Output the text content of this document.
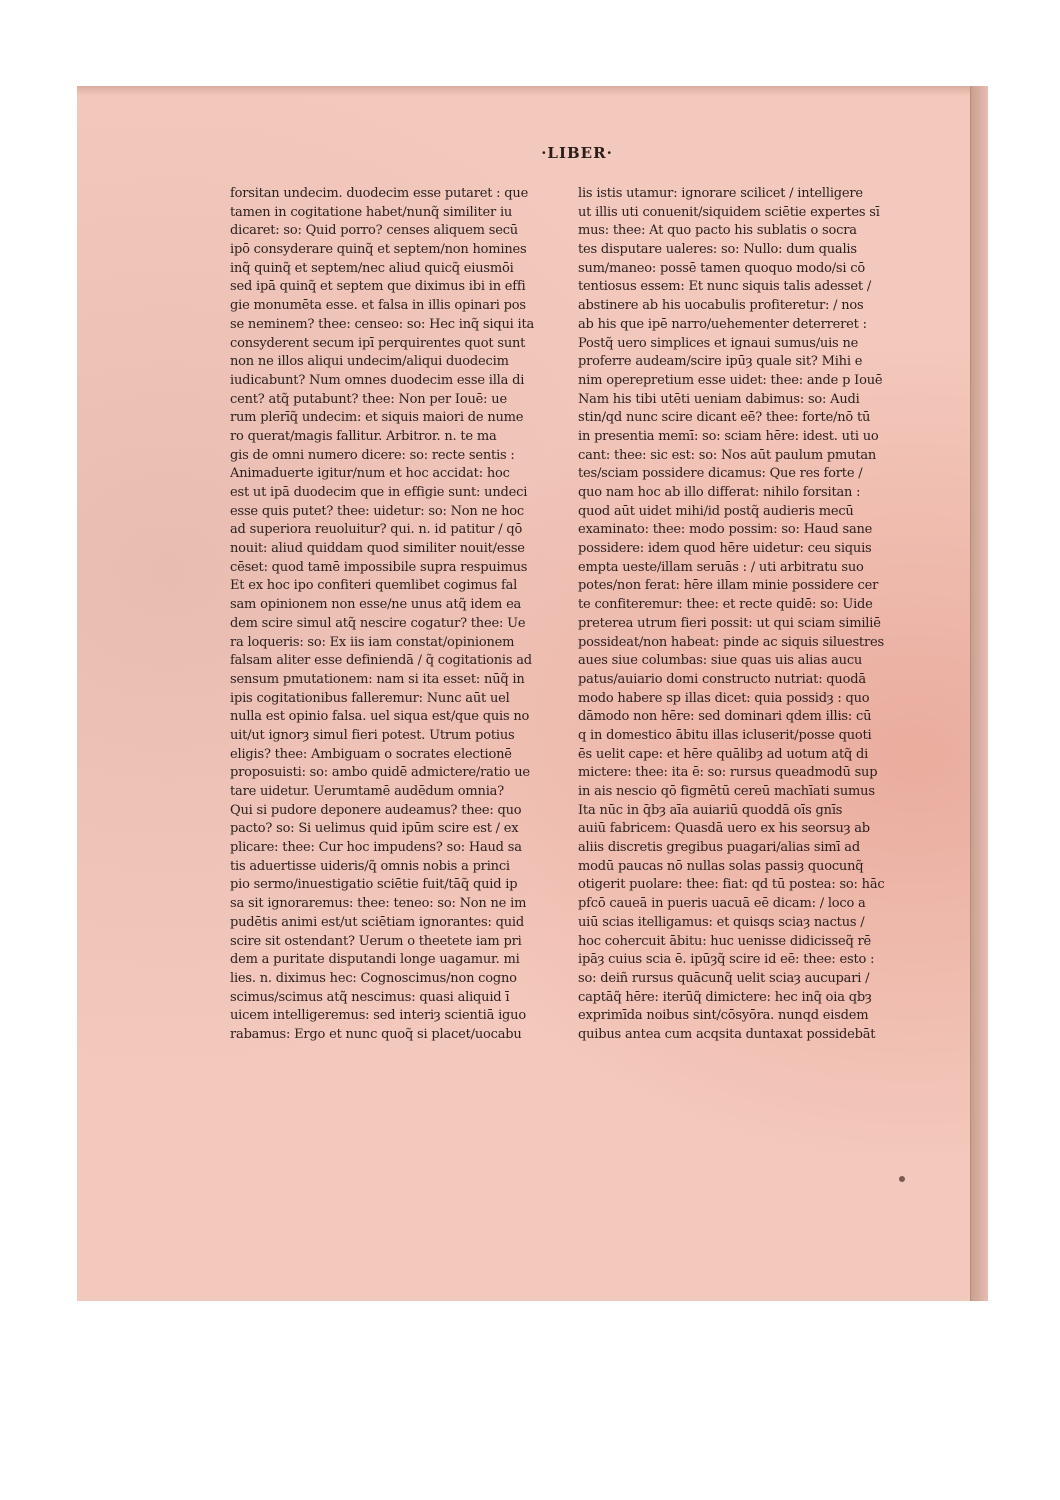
·LIBER·
forsitan undecim. duodecim esse putaret : que
tamen in cogitatione habet/nunq̃ similiter iu
dicaret: so: Quid porro? censes aliquem secū
ipō consyderare quinq̃ et septem/non homines
inq̃ quinq̃ et septem/nec aliud quicq̃ eiusmōi
sed ipā quinq̃ et septem que diximus ibi in effi
gie monumēta esse. et falsa in illis opinari pos
se neminem? thee: censeo: so: Hec inq̃ siqui ita
consyderent secum ipī perquirentes quot sunt
non ne illos aliqui undecim/aliqui duodecim
iudicabunt? Num omnes duodecim esse illa di
cent? atq̃ putabunt? thee: Non per Iouē: ue
rum plerīq̃ undecim: et siquis maiori de nume
ro querat/magis fallitur. Arbitror. n. te ma
gis de omni numero dicere: so: recte sentis :
Animaduerte igitur/num et hoc accidat: hoc
est ut ipā duodecim que in effigie sunt: undeci
esse quis putet? thee: uidetur: so: Non ne hoc
ad superiora reuoluitur? qui. n. id patitur / qō
nouit: aliud quiddam quod similiter nouit/esse
cēset: quod tamē impossibile supra respuimus
Et ex hoc ipo confiteri quemlibet cogimus fal
sam opinionem non esse/ne unus atq̃ idem ea
dem scire simul atq̃ nescire cogatur? thee: Ue
ra loqueris: so: Ex iis iam constat/opinionem
falsam aliter esse definiendā / q̃ cogitationis ad
sensum pmutationem: nam si ita esset: nūq̃ in
ipis cogitationibus falleremur: Nunc aūt uel
nulla est opinio falsa. uel siqua est/que quis no
uit/ut ignorȝ simul fieri potest. Utrum potius
eligis? thee: Ambiguam o socrates electionē
proposuisti: so: ambo quidē admictere/ratio ue
tare uidetur. Uerumtamē audēdum omnia?
Qui si pudore deponere audeamus? thee: quo
pacto? so: Si uelimus quid ipūm scire est / ex
plicare: thee: Cur hoc impudens? so: Haud sa
tis aduertisse uideris/q̃ omnis nobis a princi
pio sermo/inuestigatio sciētie fuit/tāq̃ quid ip
sa sit ignoraremus: thee: teneo: so: Non ne im
pudētis animi est/ut sciētiam ignorantes: quid
scire sit ostendant? Uerum o theetete iam pri
dem a puritate disputandi longe uagamur. mi
lies. n. diximus hec: Cognoscimus/non cogno
scimus/scimus atq̃ nescimus: quasi aliquid ī
uicem intelligeremus: sed interiȝ scientiā iguo
rabamus: Ergo et nunc quoq̃ si placet/uocabu
lis istis utamur: ignorare scilicet / intelligere
ut illis uti conuenit/siquidem sciētie expertes sī
mus: thee: At quo pacto his sublatis o socra
tes disputare ualeres: so: Nullo: dum qualis
sum/maneo: possē tamen quoquo modo/si cō
tentiosus essem: Et nunc siquis talis adesset /
abstinere ab his uocabulis profiteretur: / nos
ab his que ipē narro/uehementer deterreret :
Postq̃ uero simplices et ignaui sumus/uis ne
proferre audeam/scire ipūȝ quale sit? Mihi e
nim operepretium esse uidet: thee: ande p Iouē
Nam his tibi utēti ueniam dabimus: so: Audi
stin/qd nunc scire dicant eē? thee: forte/nō tū
in presentia memī: so: sciam hēre: idest. uti uo
cant: thee: sic est: so: Nos aūt paulum pmutan
tes/sciam possidere dicamus: Que res forte /
quo nam hoc ab illo differat: nihilo forsitan :
quod aūt uidet mihi/id postq̃ audieris mecū
examinato: thee: modo possim: so: Haud sane
possidere: idem quod hēre uidetur: ceu siquis
empta ueste/illam seruās : / uti arbitratu suo
potes/non ferat: hēre illam minie possidere cer
te confiteremur: thee: et recte quidē: so: Uide
preterea utrum fieri possit: ut qui sciam similiē
possideat/non habeat: pinde ac siquis siluestres
aues siue columbas: siue quas uis alias aucu
patus/auiario domi constructo nutriat: quodā
modo habere sp illas dicet: quia possidȝ : quo
dāmodo non hēre: sed dominari qdem illis: cū
q in domestico ābitu illas icluserit/posse quoti
ēs uelit cape: et hēre quālibȝ ad uotum atq̃ di
mictere: thee: ita ē: so: rursus queadmodū sup
in ais nescio qō figmētū cereū machīati sumus
Ita nūc in q̄bȝ aīa auiariū quoddā oīs gnīs
auiū fabricem: Quasdā uero ex his seorsuȝ ab
aliis discretis gregibus puagari/alias simī ad
modū paucas nō nullas solas passiȝ quocunq̃
otigerit puolare: thee: fiat: qd tū postea: so: hāc
pfcō caueā in pueris uacuā eē dicam: / loco a
uiū scias itelligamus: et quisqs sciaȝ nactus /
hoc cohercuit ābitu: huc uenisse didicisseq̃ rē
ipāȝ cuius scia ē. ipūȝq̃ scire id eē: thee: esto :
so: deiñ rursus quācunq̃ uelit sciaȝ aucupari /
captāq̃ hēre: iterūq̃ dimictere: hec inq̃ oia qbȝ
exprimīda noibus sint/cōsyōra. nunqd eisdem
quibus antea cum acqsita duntaxat possidebāt
